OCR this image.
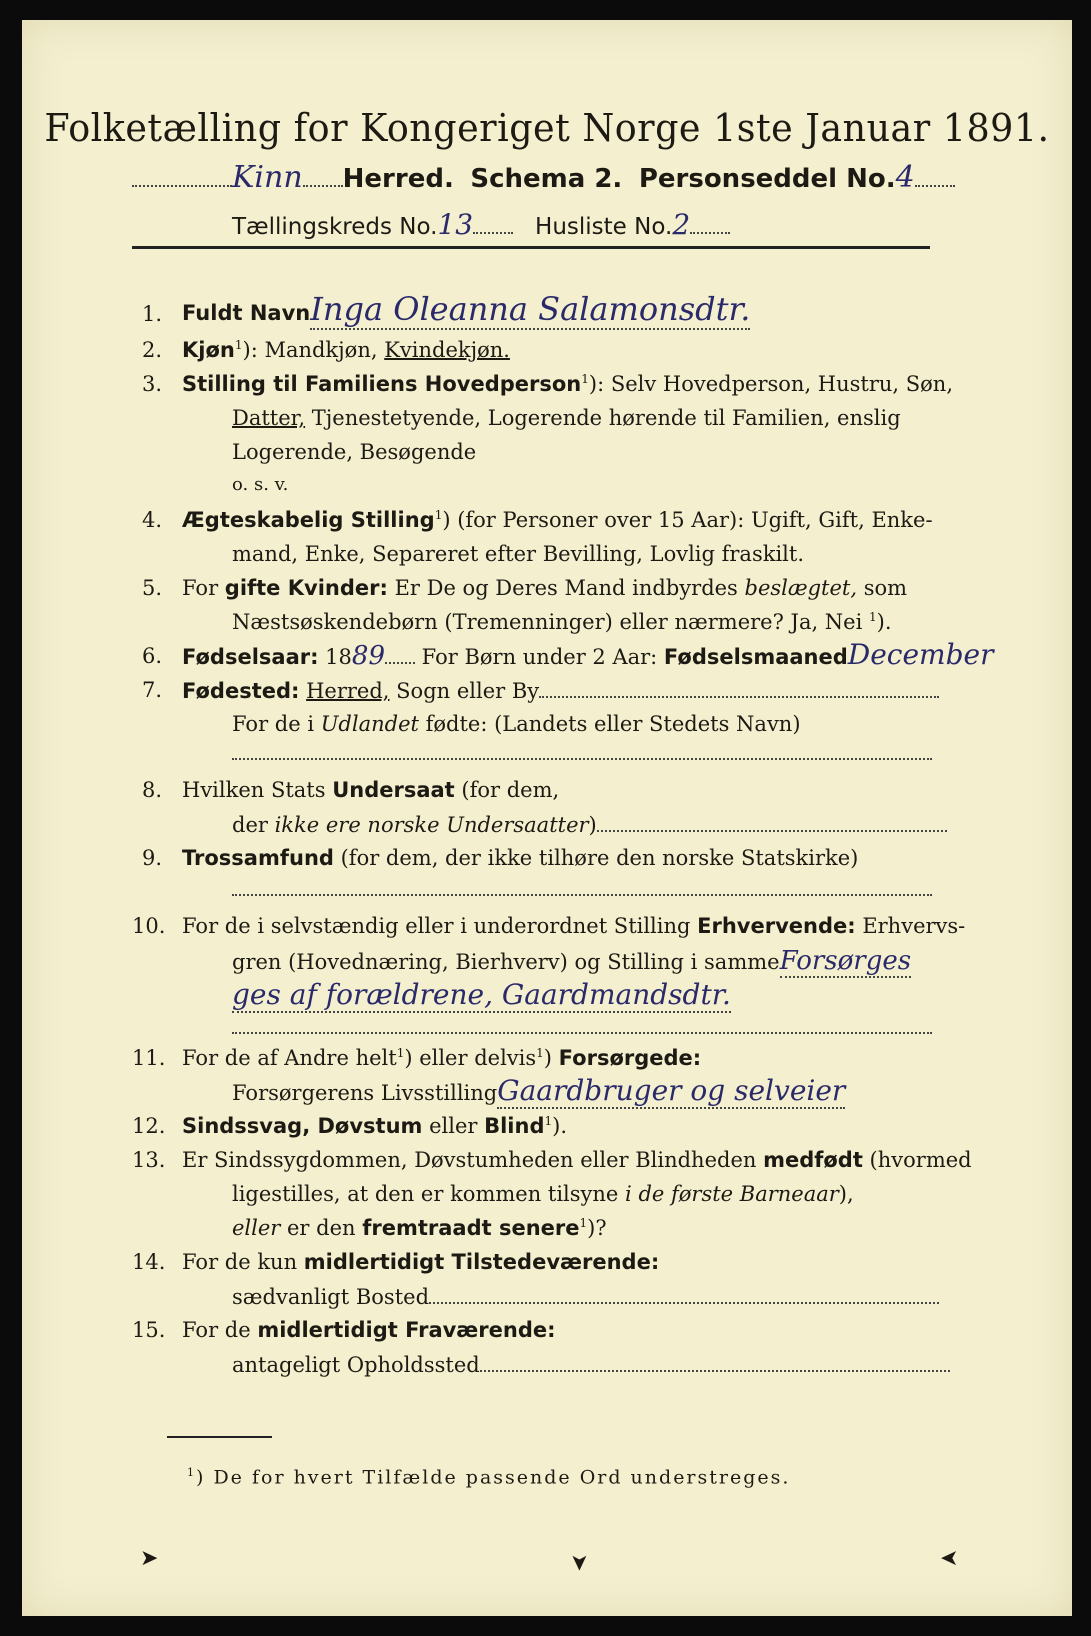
Folketælling for Kongeriget Norge 1ste Januar 1891.
Kinn Herred. Schema 2. Personseddel No.4
Tællingskreds No.13	Husliste No.2
1. Fuldt NavnInga Oleanna Salamonsdtr.
2. Kjøn$^1$): Mandkjøn, Kvindekjøn.
3. Stilling til Familiens Hovedperson$^1$): Selv Hovedperson, Hustru, Søn,
Datter, Tjenestetyende, Logerende hørende til Familien, enslig
Logerende, Besøgende
o. s. v.
4. Ægteskabelig Stilling$^1$) (for Personer over 15 Aar): Ugift, Gift, Enke-
mand, Enke, Separeret efter Bevilling, Lovlig fraskilt.
5. For gifte Kvinder: Er De og Deres Mand indbyrdes beslægtet, som
Næstsøskendebørn (Tremenninger) eller nærmere? Ja, Nei $^1$).
6. Fødselsaar: 1889 For Børn under 2 Aar: FødselsmaanedDecember
7. Fødested: Herred, Sogn eller By
For de i Udlandet fødte: (Landets eller Stedets Navn)
8. Hvilken Stats Undersaat (for dem,
der ikke ere norske Undersaatter)
9. Trossamfund (for dem, der ikke tilhøre den norske Statskirke)
10. For de i selvstændig eller i underordnet Stilling Erhvervende: Erhvervs-
gren (Hovednæring, Bierhverv) og Stilling i sammeForsørges
ges af forældrene, Gaardmandsdtr.
11. For de af Andre helt$^1$) eller delvis$^1$) Forsørgede:
Forsørgerens LivsstillingGaardbruger og selveier
12. Sindssvag, Døvstum eller Blind$^1$).
13. Er Sindssygdommen, Døvstumheden eller Blindheden medfødt (hvormed
ligestilles, at den er kommen tilsyne i de første Barneaar),
eller er den fremtraadt senere$^1$)?
14. For de kun midlertidigt Tilstedeværende:
sædvanligt Bosted
15. For de midlertidigt Fraværende:
antageligt Opholdssted
$^1$) De for hvert Tilfælde passende Ord understreges.
➤	➤	➤
